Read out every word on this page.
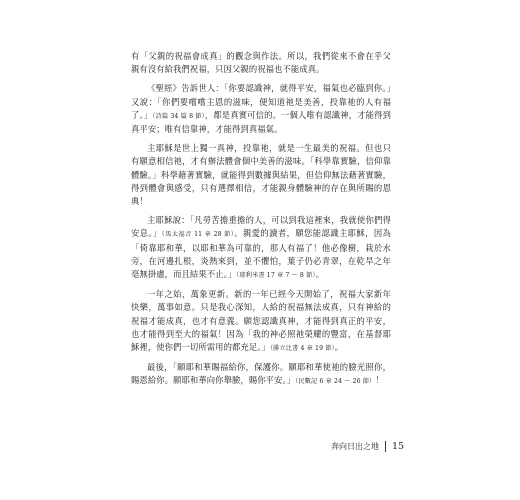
有「父親的祝福會成真」的觀念與作法。所以，我們從來不會在乎父親有沒有給我們祝福，只因父親的祝福也不能成真。

《聖經》告訴世人：「你要認識神，就得平安，福氣也必臨到你。」又說：「你們要嚐嚐主恩的滋味，便知道祂是美善，投靠祂的人有福了。」（詩篇 34 篇 8 節），都是真實可信的。一個人唯有認識神，才能得到真平安；唯有信靠神，才能得到真福氣。

主耶穌是世上獨一真神，投靠祂，就是一生最美的祝福。但也只有願意相信祂，才有辦法體會個中美善的滋味。「科學靠實驗，信仰靠體驗。」科學藉著實驗，就能得到數據與結果，但信仰無法藉著實驗，得到體會與感受，只有選擇相信，才能親身體驗神的存在與所賜的恩典！

主耶穌說：「凡勞苦擔重擔的人，可以到我這裡來，我就使你們得安息。」（馬太福音 11 章 28 節）。親愛的讀者，願您能認識主耶穌，因為「倚靠耶和華，以耶和華為可靠的，那人有福了！他必像樹，栽於水旁，在河邊扎根，炎熱來到，並不懼怕，葉子仍必青翠，在乾旱之年毫無掛慮，而且結果不止。」（耶利米書 17 章 7 ～ 8 節）。

一年之始，萬象更新。新的一年已經今天開始了，祝福大家新年快樂，萬事如意。只是我心深知，人給的祝福無法成真，只有神給的祝福才能成真，也才有意義。願您認識真神，才能得到真正的平安，也才能得到至大的福氣！因為「我的神必照祂榮耀的豐富，在基督耶穌裡，使你們一切所需用的都充足。」（腓立比書 4 章 19 節）。

最後，「願耶和華賜福給你，保護你。願耶和華使祂的臉光照你，賜恩給你。願耶和華向你舉臉，賜你平安。」（民數記 6 章 24 ～ 26 節）！

奔向日出之地 15
